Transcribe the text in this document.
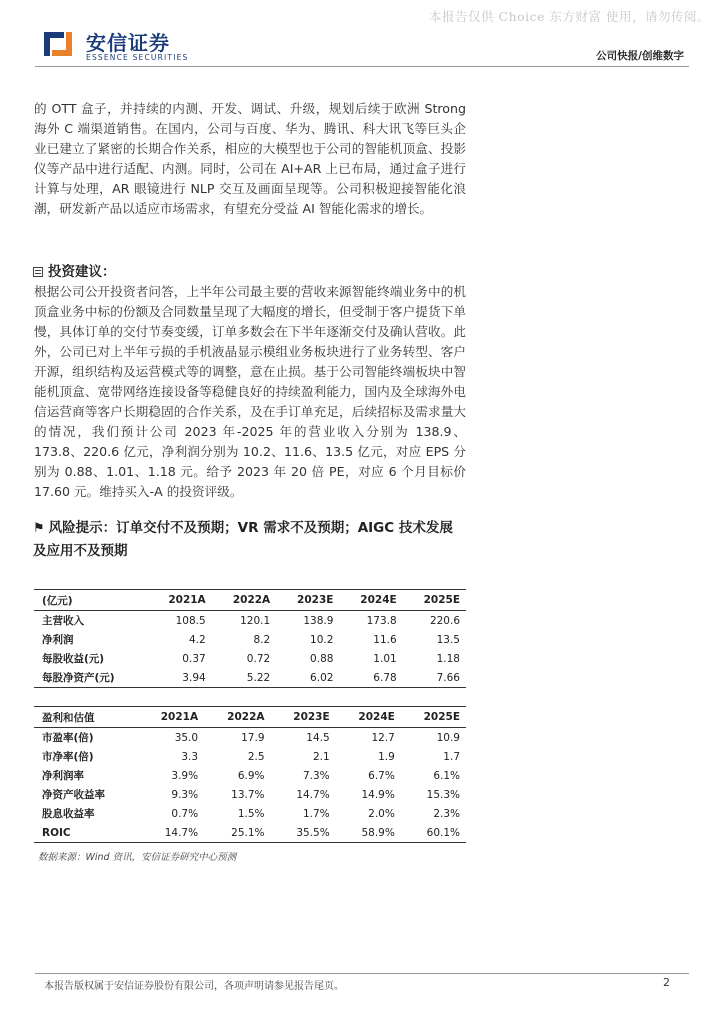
本报告仅供 Choice 东方财富 使用，请勿传阅。
安信证券
ESSENCE SECURITIES	公司快报/创维数字
的 OTT 盒子，并持续的内测、开发、调试、升级，规划后续于欧洲 Strong 海外 C 端渠道销售。在国内，公司与百度、华为、腾讯、科大讯飞等巨头企业已建立了紧密的长期合作关系，相应的大模型也于公司的智能机顶盒、投影仪等产品中进行适配、内测。同时，公司在 AI+AR 上已布局，通过盒子进行计算与处理，AR 眼镜进行 NLP 交互及画面呈现等。公司积极迎接智能化浪潮，研发新产品以适应市场需求，有望充分受益 AI 智能化需求的增长。
投资建议：
根据公司公开投资者问答，上半年公司最主要的营收来源智能终端业务中的机顶盒业务中标的份额及合同数量呈现了大幅度的增长，但受制于客户提货下单慢，具体订单的交付节奏变缓，订单多数会在下半年逐渐交付及确认营收。此外，公司已对上半年亏损的手机液晶显示模组业务板块进行了业务转型、客户开源，组织结构及运营模式等的调整，意在止损。基于公司智能终端板块中智能机顶盒、宽带网络连接设备等稳健良好的持续盈利能力，国内及全球海外电信运营商等客户长期稳固的合作关系，及在手订单充足，后续招标及需求量大的情况，我们预计公司 2023 年-2025 年的营业收入分别为 138.9、173.8、220.6 亿元，净利润分别为 10.2、11.6、13.5 亿元，对应 EPS 分别为 0.88、1.01、1.18 元。给予 2023 年 20 倍 PE，对应 6 个月目标价 17.60 元。维持买入-A 的投资评级。
⚑ 风险提示：订单交付不及预期；VR 需求不及预期；AIGC 技术发展及应用不及预期
(亿元)	2021A	2022A	2023E	2024E	2025E
主营收入	108.5	120.1	138.9	173.8	220.6
净利润	4.2	8.2	10.2	11.6	13.5
每股收益(元)	0.37	0.72	0.88	1.01	1.18
每股净资产(元)	3.94	5.22	6.02	6.78	7.66
盈利和估值	2021A	2022A	2023E	2024E	2025E
市盈率(倍)	35.0	17.9	14.5	12.7	10.9
市净率(倍)	3.3	2.5	2.1	1.9	1.7
净利润率	3.9%	6.9%	7.3%	6.7%	6.1%
净资产收益率	9.3%	13.7%	14.7%	14.9%	15.3%
股息收益率	0.7%	1.5%	1.7%	2.0%	2.3%
ROIC	14.7%	25.1%	35.5%	58.9%	60.1%
数据来源：Wind 资讯，安信证券研究中心预测
本报告版权属于安信证券股份有限公司，各项声明请参见报告尾页。	2
